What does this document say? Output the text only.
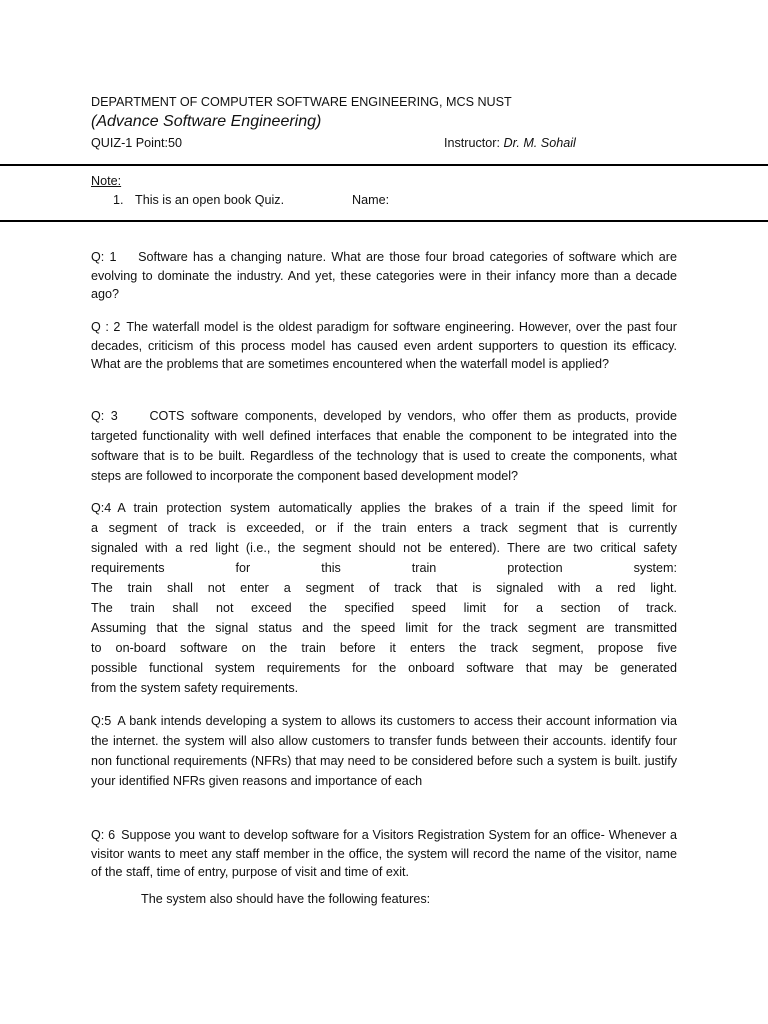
DEPARTMENT OF COMPUTER SOFTWARE ENGINEERING, MCS NUST
(Advance Software Engineering)
QUIZ-1 Point:50	Instructor: Dr. M. Sohail
Note:
1. This is an open book Quiz.	Name:
Q: 1 Software has a changing nature. What are those four broad categories of software which are evolving to dominate the industry. And yet, these categories were in their infancy more than a decade ago?
Q : 2 The waterfall model is the oldest paradigm for software engineering. However, over the past four decades, criticism of this process model has caused even ardent supporters to question its efficacy. What are the problems that are sometimes encountered when the waterfall model is applied?
Q: 3	COTS software components, developed by vendors, who offer them as products, provide targeted functionality with well defined interfaces that enable the component to be integrated into the software that is to be built. Regardless of the technology that is used to create the components, what steps are followed to incorporate the component based development model?
Q:4 A train protection system automatically applies the brakes of a train if the speed limit for
a segment of track is exceeded, or if the train enters a track segment that is currently
signaled with a red light (i.e., the segment should not be entered). There are two critical safety
requirements for this train protection system:
The train shall not enter a segment of track that is signaled with a red light.
The train shall not exceed the specified speed limit for a section of track.
Assuming that the signal status and the speed limit for the track segment are transmitted
to on-board software on the train before it enters the track segment, propose five
possible functional system requirements for the onboard software that may be generated
from the system safety requirements.
Q:5 A bank intends developing a system to allows its customers to access their account information via the internet. the system will also allow customers to transfer funds between their accounts. identify four non functional requirements (NFRs) that may need to be considered before such a system is built. justify your identified NFRs given reasons and importance of each
Q: 6 Suppose you want to develop software for a Visitors Registration System for an office- Whenever a visitor wants to meet any staff member in the office, the system will record the name of the visitor, name of the staff, time of entry, purpose of visit and time of exit.
The system also should have the following features:
